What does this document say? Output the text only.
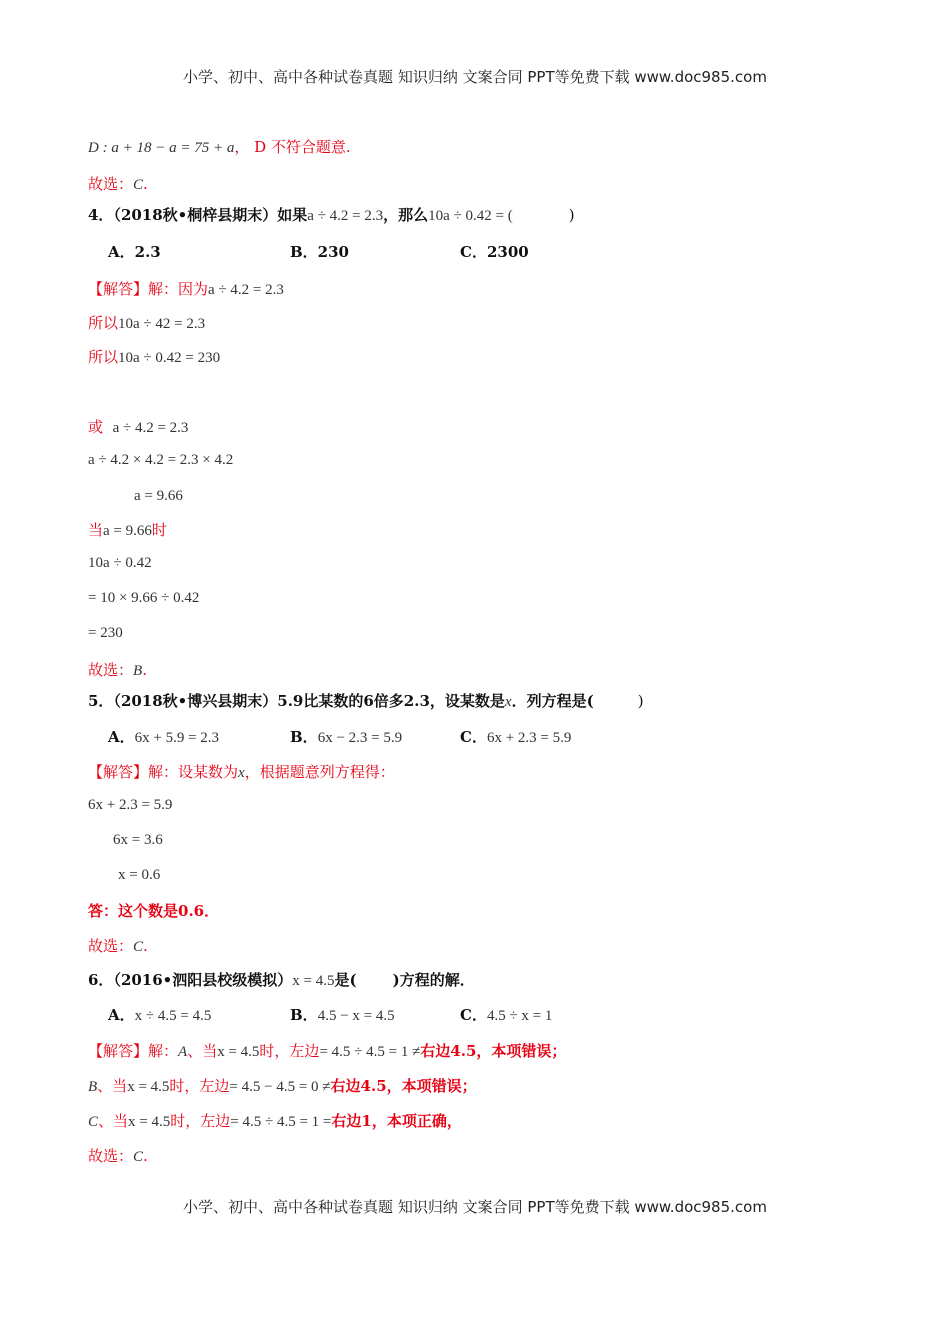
小学、初中、高中各种试卷真题 知识归纳 文案合同 PPT等免费下载 www.doc985.com
D : a + 18 − a = 75 + a， D 不符合题意.
故选：C.
4．（2018秋•桐梓县期末）如果a ÷ 4.2 = 2.3，那么10a ÷ 0.42 = (	)
A．2.3	B．230	C．2300
【解答】解：因为a ÷ 4.2 = 2.3
所以10a ÷ 42 = 2.3
所以10a ÷ 0.42 = 230
或 a ÷ 4.2 = 2.3
a ÷ 4.2 × 4.2 = 2.3 × 4.2
a = 9.66
当a = 9.66时
10a ÷ 0.42
= 10 × 9.66 ÷ 0.42
= 230
故选：B.
5．（2018秋•博兴县期末）5.9比某数的6倍多2.3，设某数是x．列方程是(	)
A．6x + 5.9 = 2.3	B．6x − 2.3 = 5.9	C．6x + 2.3 = 5.9
【解答】解：设某数为x，根据题意列方程得：
6x + 2.3 = 5.9
6x = 3.6
x = 0.6
答：这个数是0.6．
故选：C.
6．（2016•泗阳县校级模拟）x = 4.5是( )方程的解．
A．x ÷ 4.5 = 4.5	B．4.5 − x = 4.5	C．4.5 ÷ x = 1
【解答】解：A、当x = 4.5时，左边= 4.5 ÷ 4.5 = 1 ≠右边4.5，本项错误；
B、当x = 4.5时，左边= 4.5 − 4.5 = 0 ≠右边4.5，本项错误；
C、当x = 4.5时，左边= 4.5 ÷ 4.5 = 1 =右边1，本项正确，
故选：C.
小学、初中、高中各种试卷真题 知识归纳 文案合同 PPT等免费下载 www.doc985.com
